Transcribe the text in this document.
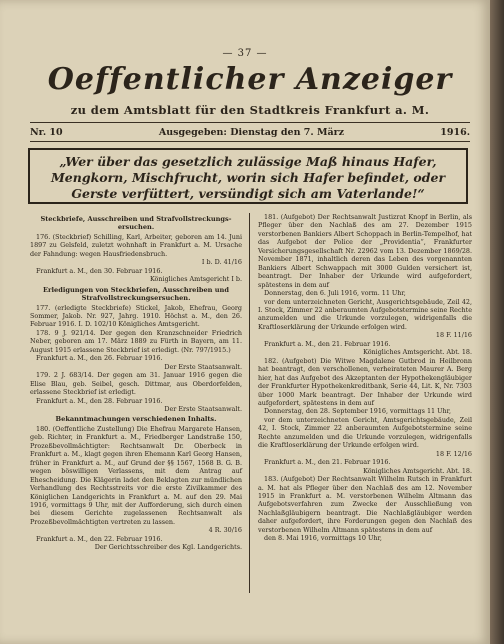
— 37 —
Oeffentlicher Anzeiger
zu dem Amtsblatt für den Stadtkreis Frankfurt a. M.
Nr. 10	Ausgegeben: Dienstag den 7. März	1916.
„Wer über das gesetzlich zulässige Maß hinaus Hafer, Mengkorn, Mischfrucht, worin sich Hafer befindet, oder Gerste verfüttert, versündigt sich am Vaterlande!“
Steckbriefe, Ausschreiben und Strafvollstreckungs-ersuchen.

176. (Steckbrief) Schilling, Karl, Arbeiter, geboren am 14. Juni 1897 zu Gelsfeld, zuletzt wohnhaft in Frankfurt a. M. Ursache der Fahndung: wegen Hausfriedensbruch.

I b. D. 41/16

Frankfurt a. M., den 30. Februar 1916.

Königliches Amtsgericht I b.

Erledigungen von Steckbriefen, Ausschreiben und Strafvollstreckungsersuchen.

177. (erledigte Steckbriefe) Stickel, Jakob, Ehefrau, Georg Sommer, Jakob. Nr. 927, Jahrg. 1910. Höchst a. M., den 26. Februar 1916. I. D. 102/10 Königliches Amtsgericht.

178. 9 J. 921/14. Der gegen den Kranzschneider Friedrich Neber, geboren am 17. März 1889 zu Fürth in Bayern, am 11. August 1915 erlassene Steckbrief ist erledigt. (Nr. 797/1915.)

Frankfurt a. M., den 26. Februar 1916.

Der Erste Staatsanwalt.

179. 2 J. 683/14. Der gegen am 31. Januar 1916 gegen die Elise Blau, geb. Seibel, gesch. Dittmar, aus Oberdorfelden, erlassene Steckbrief ist erledigt.

Frankfurt a. M., den 28. Februar 1916.

Der Erste Staatsanwalt.

Bekanntmachungen verschiedenen Inhalts.

180. (Oeffentliche Zustellung) Die Ehefrau Margarete Hansen, geb. Richter, in Frankfurt a. M., Friedberger Landstraße 150, Prozeßbevollmächtigter: Rechtsanwalt Dr. Oberbeck in Frankfurt a. M., klagt gegen ihren Ehemann Karl Georg Hansen, früher in Frankfurt a. M., auf Grund der §§ 1567, 1568 B. G. B. wegen böswilligen Verlassens, mit dem Antrag auf Ehescheidung. Die Klägerin ladet den Beklagten zur mündlichen Verhandlung des Rechtsstreits vor die erste Zivilkammer des Königlichen Landgerichts in Frankfurt a. M. auf den 29. Mai 1916, vormittags 9 Uhr, mit der Aufforderung, sich durch einen bei diesem Gerichte zugelassenen Rechtsanwalt als Prozeßbevollmächtigten vertreten zu lassen.

4 R. 30/16

Frankfurt a. M., den 22. Februar 1916.

Der Gerichtsschreiber des Kgl. Landgerichts.

181. (Aufgebot) Der Rechtsanwalt Justizrat Knopf in Berlin, als Pfleger über den Nachlaß des am 27. Dezember 1915 verstorbenen Bankiers Albert Schoppach in Berlin-Tempelhof, hat das Aufgebot der Police der „Providentia“, Frankfurter Versicherungsgesellschaft Nr. 22962 vom 13. Dezember 1869/28. November 1871, inhaltlich deren das Leben des vorgenannten Bankiers Albert Schwappach mit 3000 Gulden versichert ist, beantragt. Der Inhaber der Urkunde wird aufgefordert, spätestens in dem auf

Donnerstag, den 6. Juli 1916, vorm. 11 Uhr,

vor dem unterzeichneten Gericht, Ausgerichtsgebäude, Zeil 42, I. Stock, Zimmer 22 anberaumten Aufgebotstermine seine Rechte anzumelden und die Urkunde vorzulegen, widrigenfalls die Kraftloserklärung der Urkunde erfolgen wird.

18 F. 11/16

Frankfurt a. M., den 21. Februar 1916.

Königliches Amtsgericht. Abt. 18.

182. (Aufgebot) Die Witwe Magdalene Gutbrod in Heilbronn hat beantragt, den verschollenen, verheirateten Maurer A. Berg hier, hat das Aufgebot des Akzeptanten der Hypothekengläubiger der Frankfurter Hypothekenkreditbank, Serie 44, Lit. K, Nr. 7303 über 1000 Mark beantragt. Der Inhaber der Urkunde wird aufgefordert, spätestens in dem auf

Donnerstag, den 28. September 1916, vormittags 11 Uhr,

vor dem unterzeichneten Gericht, Amtsgerichtsgebäude, Zeil 42, I. Stock, Zimmer 22 anberaumten Aufgebotstermine seine Rechte anzumelden und die Urkunde vorzulegen, widrigenfalls die Kraftloserklärung der Urkunde erfolgen wird.

18 F. 12/16

Frankfurt a. M., den 21. Februar 1916.

Königliches Amtsgericht. Abt. 18.

183. (Aufgebot) Der Rechtsanwalt Wilhelm Rutsch in Frankfurt a. M. hat als Pfleger über den Nachlaß des am 12. November 1915 in Frankfurt a. M. verstorbenen Wilhelm Altmann das Aufgebotsverfahren zum Zwecke der Ausschließung von Nachlaßgläubigern beantragt. Die Nachlaßgläubiger werden daher aufgefordert, ihre Forderungen gegen den Nachlaß des verstorbenen Wilhelm Altmann spätestens in dem auf

den 8. Mai 1916, vormittags 10 Uhr,
